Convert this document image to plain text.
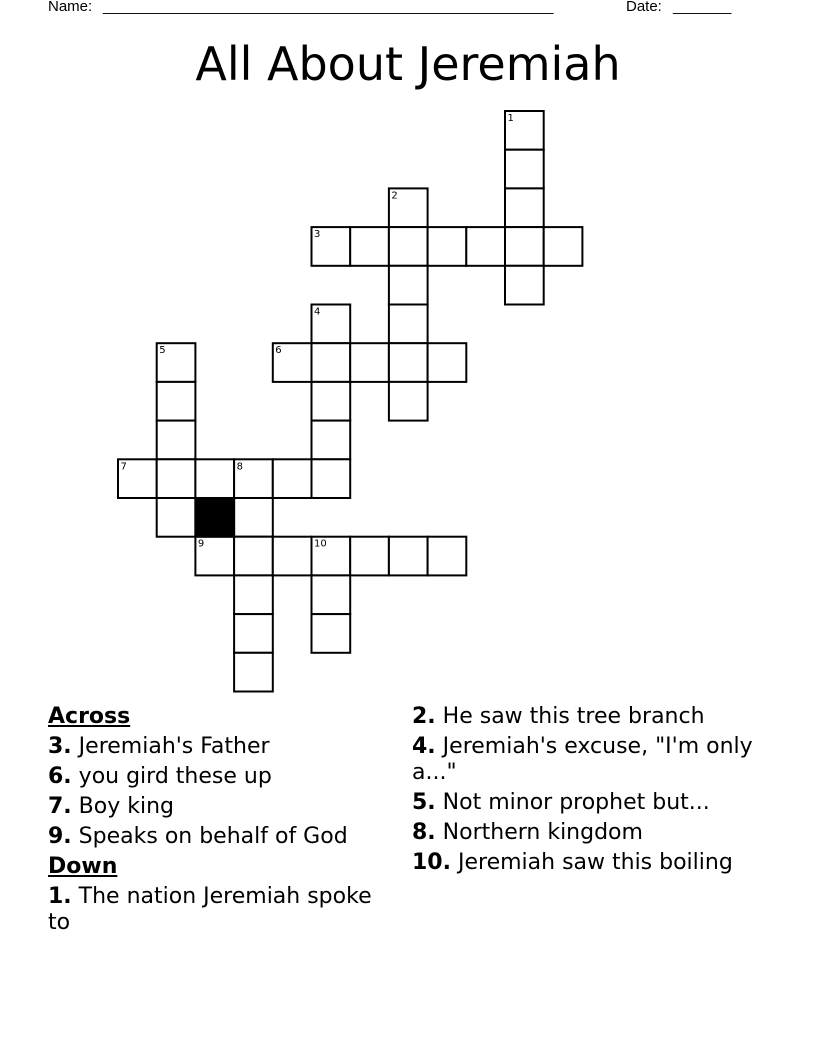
Name: ______________________________________________________	Date: _______
All About Jeremiah
1
2
3
4
5	6
7	8
9	10
Across
3. Jeremiah's Father
6. you gird these up
7. Boy king
9. Speaks on behalf of God
Down
1. The nation Jeremiah spoke to
2. He saw this tree branch
4. Jeremiah's excuse, "I'm only a..."
5. Not minor prophet but...
8. Northern kingdom
10. Jeremiah saw this boiling
